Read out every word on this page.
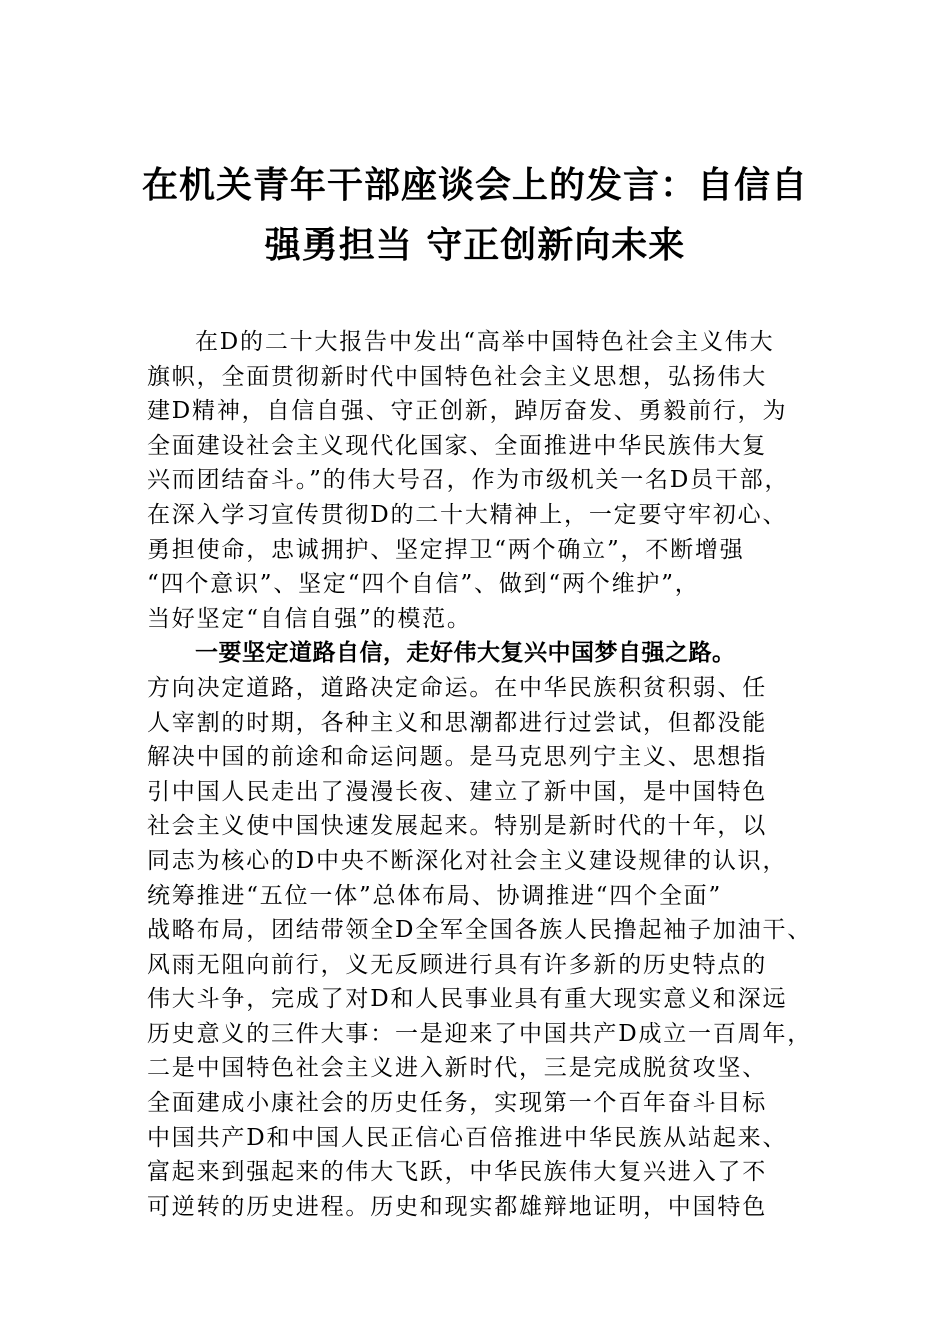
在机关青年干部座谈会上的发言：自信自
强勇担当 守正创新向未来
在D的二十大报告中发出“高举中国特色社会主义伟大
旗帜，全面贯彻新时代中国特色社会主义思想，弘扬伟大
建D精神，自信自强、守正创新，踔厉奋发、勇毅前行，为
全面建设社会主义现代化国家、全面推进中华民族伟大复
兴而团结奋斗。”的伟大号召，作为市级机关一名D员干部，
在深入学习宣传贯彻D的二十大精神上，一定要守牢初心、
勇担使命，忠诚拥护、坚定捍卫“两个确立”，不断增强
“四个意识”、坚定“四个自信”、做到“两个维护”，
当好坚定“自信自强”的模范。
一要坚定道路自信，走好伟大复兴中国梦自强之路。
方向决定道路，道路决定命运。在中华民族积贫积弱、任
人宰割的时期，各种主义和思潮都进行过尝试，但都没能
解决中国的前途和命运问题。是马克思列宁主义、思想指
引中国人民走出了漫漫长夜、建立了新中国，是中国特色
社会主义使中国快速发展起来。特别是新时代的十年，以
同志为核心的D中央不断深化对社会主义建设规律的认识，
统筹推进“五位一体”总体布局、协调推进“四个全面”
战略布局，团结带领全D全军全国各族人民撸起袖子加油干、
风雨无阻向前行，义无反顾进行具有许多新的历史特点的
伟大斗争，完成了对D和人民事业具有重大现实意义和深远
历史意义的三件大事：一是迎来了中国共产D成立一百周年，
二是中国特色社会主义进入新时代，三是完成脱贫攻坚、
全面建成小康社会的历史任务，实现第一个百年奋斗目标
中国共产D和中国人民正信心百倍推进中华民族从站起来、
富起来到强起来的伟大飞跃，中华民族伟大复兴进入了不
可逆转的历史进程。历史和现实都雄辩地证明，中国特色
